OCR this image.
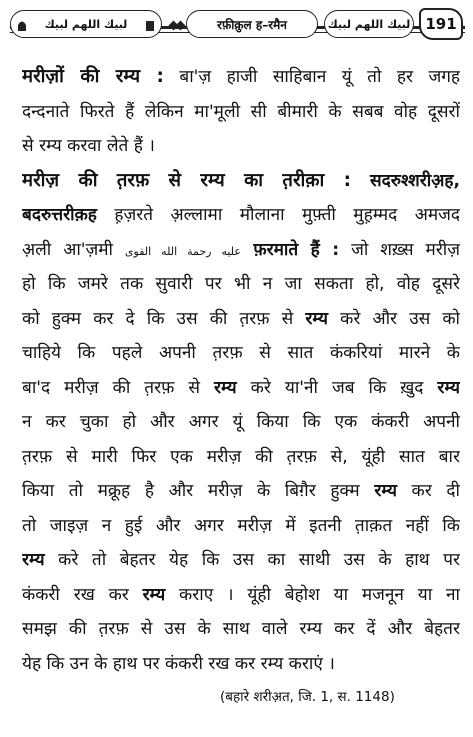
لبيك اللهم لبيك	रफ़ीक़ुल ह–रमैन	لبيك اللهم لبيك	191
मरीज़ों की रम्य : बा'ज़ हाजी साहिबान यूं तो हर जगह
दन्दनाते फिरते हैं लेकिन मा'मूली सी बीमारी के सबब वोह दूसरों
से रम्य करवा लेते हैं ।
मरीज़ की त़रफ़ से रम्य का त़रीक़ा : सदरुश्शरीअ़ह,
बदरुत्तरीक़ह ह़ज़रते अ़ल्लामा मौलाना मुफ़्ती मुह़म्मद अमजद
अ़ली आ'ज़मी عليه رحمة الله القوى फ़रमाते हैं : जो शख़्स मरीज़
हो कि जमरे तक सुवारी पर भी न जा सकता हो, वोह दूसरे
को हुक्म कर दे कि उस की त़रफ़ से रम्य करे और उस को
चाहिये कि पहले अपनी त़रफ़ से सात कंकरियां मारने के
बा'द मरीज़ की त़रफ़ से रम्य करे या'नी जब कि ख़ुद रम्य
न कर चुका हो और अगर यूं किया कि एक कंकरी अपनी
त़रफ़ से मारी फिर एक मरीज़ की त़रफ़ से, यूंही सात बार
किया तो मक्रूह है और मरीज़ के बिग़ैर हुक्म रम्य कर दी
तो जाइज़ न हुई और अगर मरीज़ में इतनी त़ाक़त नहीं कि
रम्य करे तो बेहतर येह कि उस का साथी उस के हाथ पर
कंकरी रख कर रम्य कराए । यूंही बेहोश या मजनून या ना
समझ की त़रफ़ से उस के साथ वाले रम्य कर दें और बेहतर
येह कि उन के हाथ पर कंकरी रख कर रम्य कराएं ।
(बहारे शरीअ़त, जि. 1, स. 1148)
